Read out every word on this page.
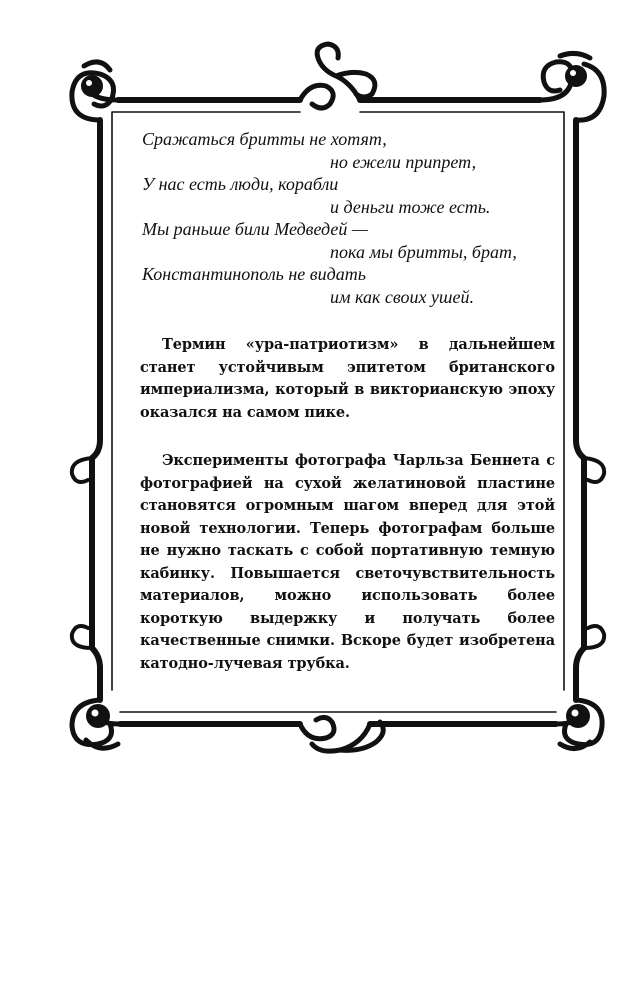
Сражаться бритты не хотят,
но ежели припрет,
У нас есть люди, корабли
и деньги тоже есть.
Мы раньше били Медведей —
пока мы бритты, брат,
Константинополь не видать
им как своих ушей.

Термин «ура-патриотизм» в дальнейшем станет устойчивым эпитетом британского империализма, который в викторианскую эпоху оказался на самом пике.

Эксперименты фотографа Чарльза Беннета с фотографией на сухой желатиновой пластине становятся огромным шагом вперед для этой новой технологии. Теперь фотографам больше не нужно таскать с собой портативную темную кабинку. Повышается светочувствительность материалов, можно использовать более короткую выдержку и получать более качественные снимки. Вскоре будет изобретена катодно-лучевая трубка.
